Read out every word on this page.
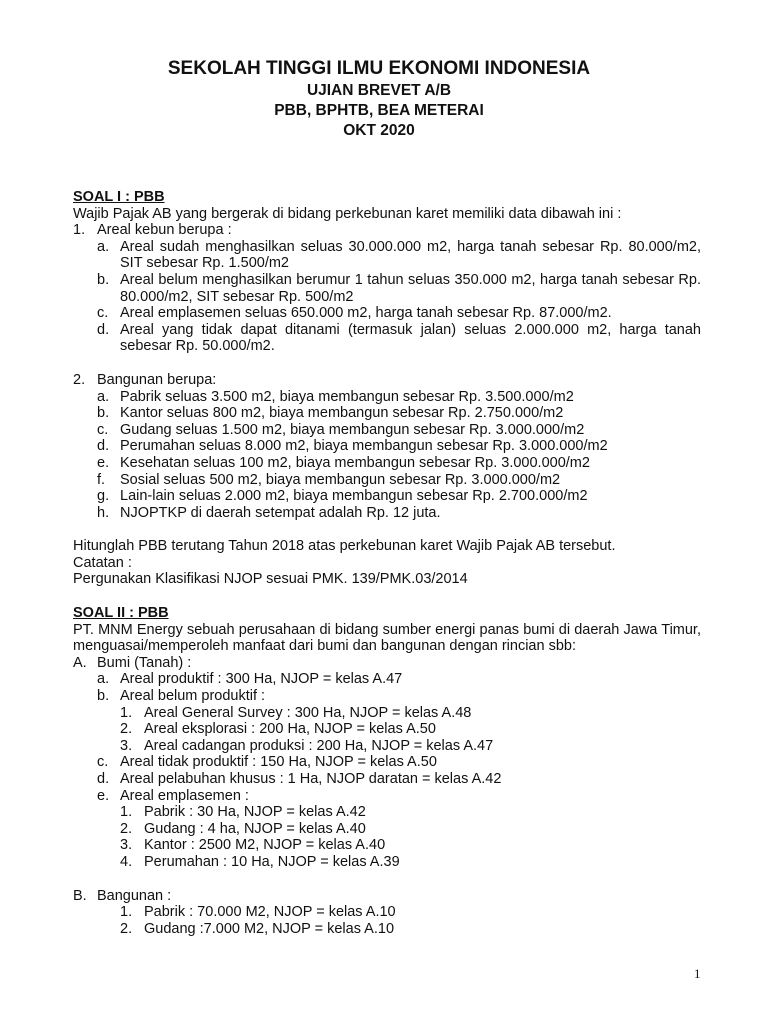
SEKOLAH TINGGI ILMU EKONOMI INDONESIA
UJIAN BREVET A/B
PBB, BPHTB, BEA METERAI
OKT 2020

SOAL I : PBB

Wajib Pajak AB yang bergerak di bidang perkebunan karet memiliki data dibawah ini :

1. Areal kebun berupa :
a. Areal sudah menghasilkan seluas 30.000.000 m2, harga tanah sebesar Rp. 80.000/m2, SIT sebesar Rp. 1.500/m2
b. Areal belum menghasilkan berumur 1 tahun seluas 350.000 m2, harga tanah sebesar Rp. 80.000/m2, SIT sebesar Rp. 500/m2
c. Areal emplasemen seluas 650.000 m2, harga tanah sebesar Rp. 87.000/m2.
d. Areal yang tidak dapat ditanami (termasuk jalan) seluas 2.000.000 m2, harga tanah sebesar Rp. 50.000/m2.
2. Bangunan berupa:
a. Pabrik seluas 3.500 m2, biaya membangun sebesar Rp. 3.500.000/m2
b. Kantor seluas 800 m2, biaya membangun sebesar Rp. 2.750.000/m2
c. Gudang seluas 1.500 m2, biaya membangun sebesar Rp. 3.000.000/m2
d. Perumahan seluas 8.000 m2, biaya membangun sebesar Rp. 3.000.000/m2
e. Kesehatan seluas 100 m2, biaya membangun sebesar Rp. 3.000.000/m2
f.	Sosial seluas 500 m2, biaya membangun sebesar Rp. 3.000.000/m2
g. Lain-lain seluas 2.000 m2, biaya membangun sebesar Rp. 2.700.000/m2
h. NJOPTKP di daerah setempat adalah Rp. 12 juta.

Hitunglah PBB terutang Tahun 2018 atas perkebunan karet Wajib Pajak AB tersebut.

Catatan :

Pergunakan Klasifikasi NJOP sesuai PMK. 139/PMK.03/2014

SOAL II : PBB

PT. MNM Energy sebuah perusahaan di bidang sumber energi panas bumi di daerah Jawa Timur, menguasai/memperoleh manfaat dari bumi dan bangunan dengan rincian sbb:

A. Bumi (Tanah) :
a. Areal produktif : 300 Ha, NJOP = kelas A.47
b. Areal belum produktif :
1. Areal General Survey : 300 Ha, NJOP = kelas A.48
2. Areal eksplorasi : 200 Ha, NJOP = kelas A.50
3. Areal cadangan produksi : 200 Ha, NJOP = kelas A.47
c. Areal tidak produktif : 150 Ha, NJOP = kelas A.50
d. Areal pelabuhan khusus : 1 Ha, NJOP daratan = kelas A.42
e. Areal emplasemen :
1. Pabrik : 30 Ha, NJOP = kelas A.42
2. Gudang : 4 ha, NJOP = kelas A.40
3. Kantor : 2500 M2, NJOP = kelas A.40
4. Perumahan : 10 Ha, NJOP = kelas A.39
B. Bangunan :
1. Pabrik : 70.000 M2, NJOP = kelas A.10
2. Gudang :7.000 M2, NJOP = kelas A.10
1
